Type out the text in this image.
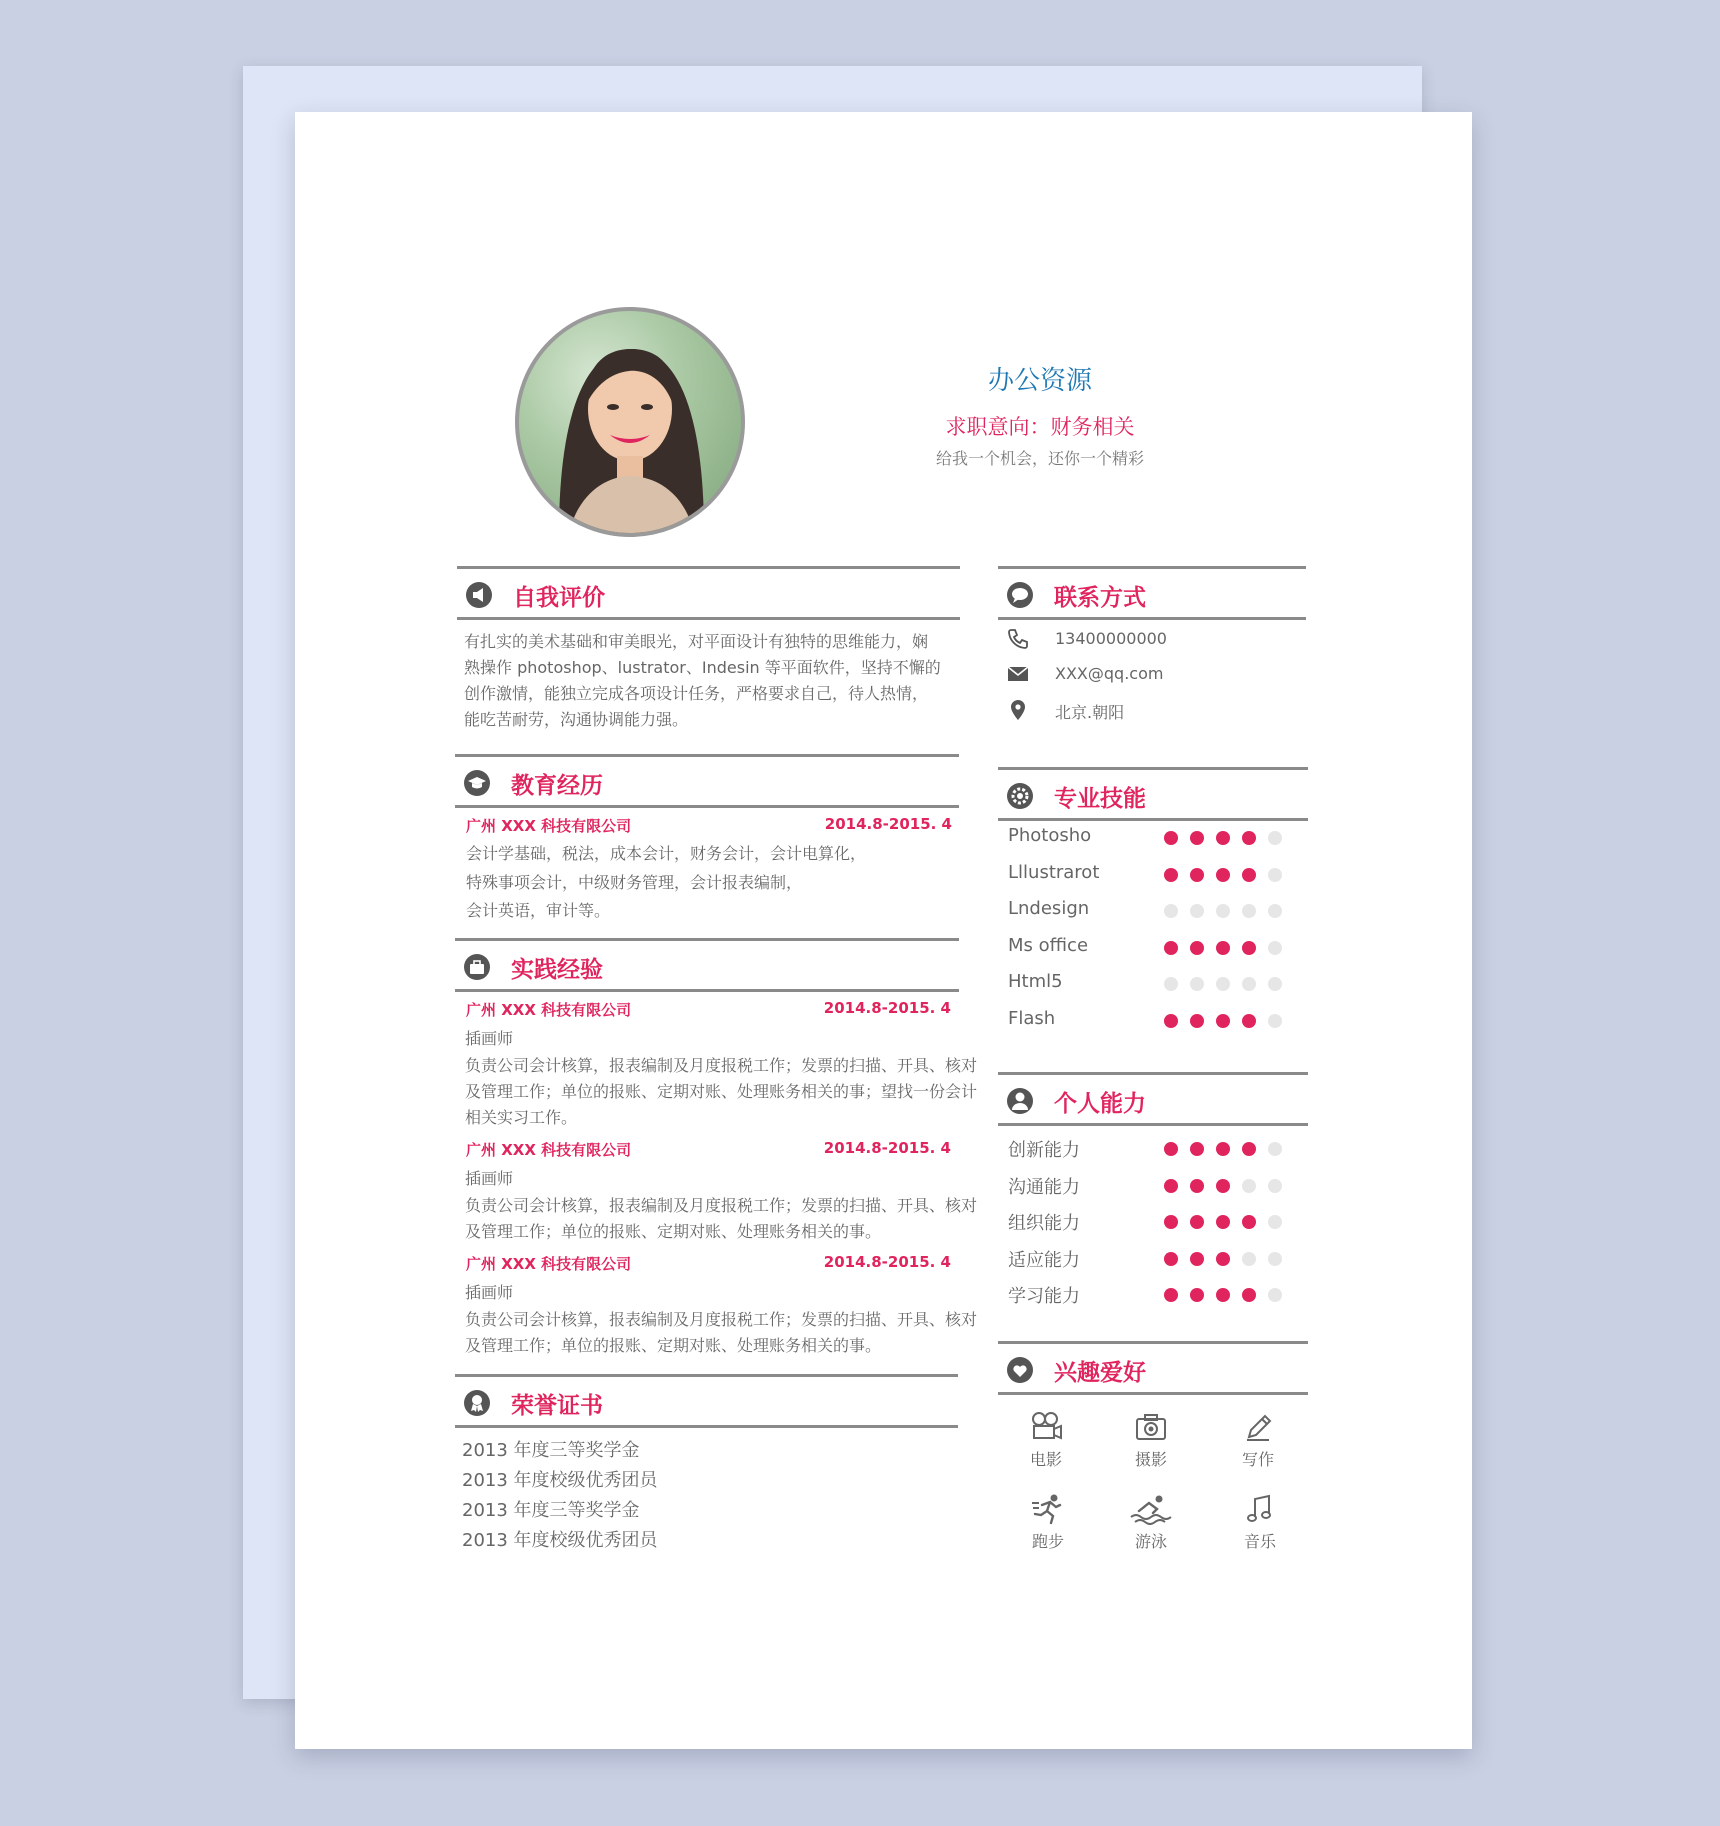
办公资源
求职意向：财务相关
给我一个机会，还你一个精彩
自我评价
有扎实的美术基础和审美眼光，对平面设计有独特的思维能力，娴
熟操作 photoshop、lustrator、Indesin 等平面软件，坚持不懈的
创作激情，能独立完成各项设计任务，严格要求自己，待人热情，
能吃苦耐劳，沟通协调能力强。
教育经历
广州 XXX 科技有限公司	2014.8-2015. 4
会计学基础，税法，成本会计，财务会计，会计电算化，
特殊事项会计，中级财务管理，会计报表编制，
会计英语，审计等。
实践经验
广州 XXX 科技有限公司	2014.8-2015. 4
插画师
负责公司会计核算，报表编制及月度报税工作；发票的扫描、开具、核对
及管理工作；单位的报账、定期对账、处理账务相关的事；望找一份会计
相关实习工作。
广州 XXX 科技有限公司	2014.8-2015. 4
插画师
负责公司会计核算，报表编制及月度报税工作；发票的扫描、开具、核对
及管理工作；单位的报账、定期对账、处理账务相关的事。
广州 XXX 科技有限公司	2014.8-2015. 4
插画师
负责公司会计核算，报表编制及月度报税工作；发票的扫描、开具、核对
及管理工作；单位的报账、定期对账、处理账务相关的事。
荣誉证书
2013 年度三等奖学金
2013 年度校级优秀团员
2013 年度三等奖学金
2013 年度校级优秀团员
联系方式
13400000000
XXX@qq.com
北京.朝阳
专业技能
Photosho
Lllustrarot
Lndesign
Ms office
Html5
Flash
个人能力
创新能力
沟通能力
组织能力
适应能力
学习能力
兴趣爱好
电影	摄影	写作
跑步	游泳	音乐
